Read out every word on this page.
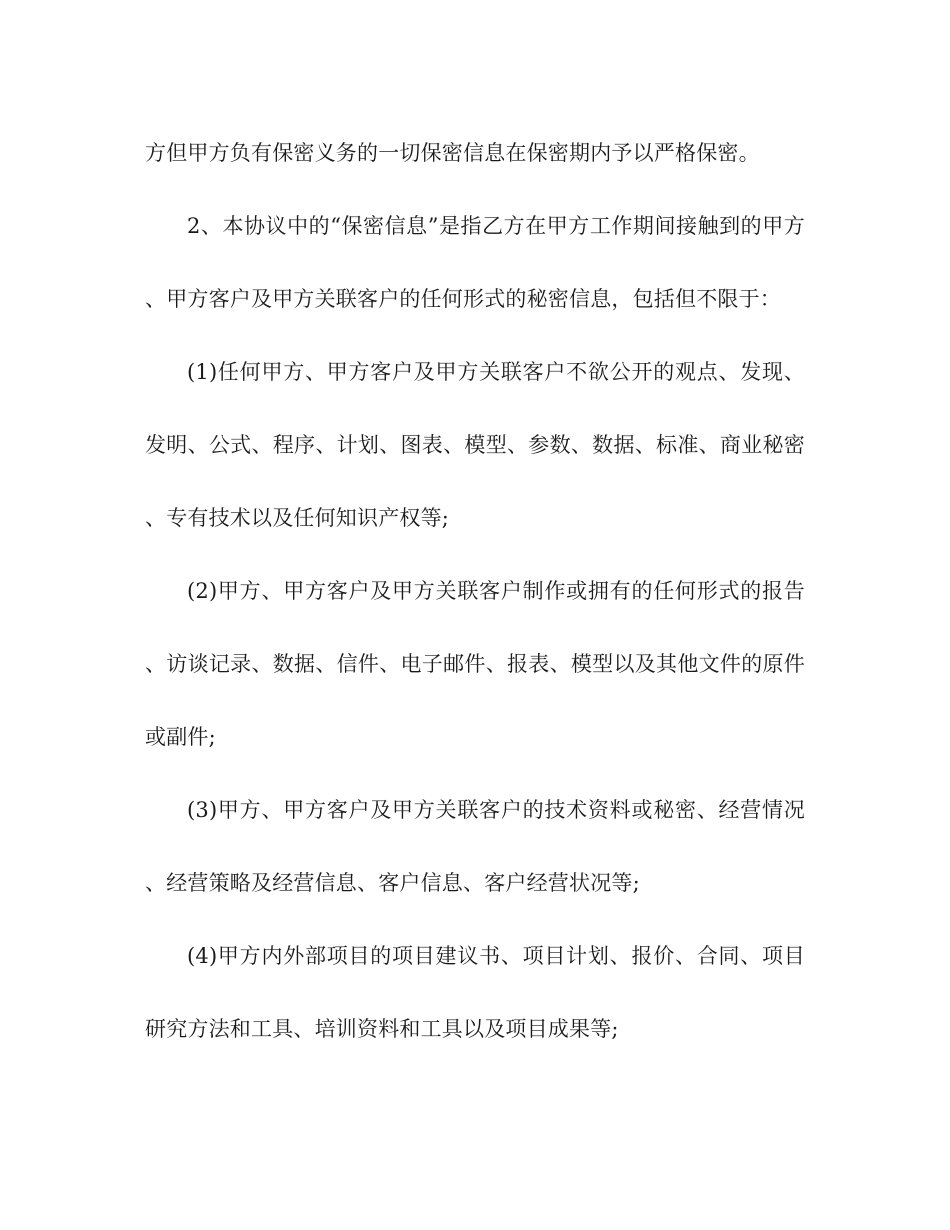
方但甲方负有保密义务的一切保密信息在保密期内予以严格保密。

2、本协议中的“保密信息”是指乙方在甲方工作期间接触到的甲方、甲方客户及甲方关联客户的任何形式的秘密信息，包括但不限于：

(1)任何甲方、甲方客户及甲方关联客户不欲公开的观点、发现、发明、公式、程序、计划、图表、模型、参数、数据、标准、商业秘密、专有技术以及任何知识产权等;

(2)甲方、甲方客户及甲方关联客户制作或拥有的任何形式的报告、访谈记录、数据、信件、电子邮件、报表、模型以及其他文件的原件或副件;

(3)甲方、甲方客户及甲方关联客户的技术资料或秘密、经营情况、经营策略及经营信息、客户信息、客户经营状况等;

(4)甲方内外部项目的项目建议书、项目计划、报价、合同、项目研究方法和工具、培训资料和工具以及项目成果等;
